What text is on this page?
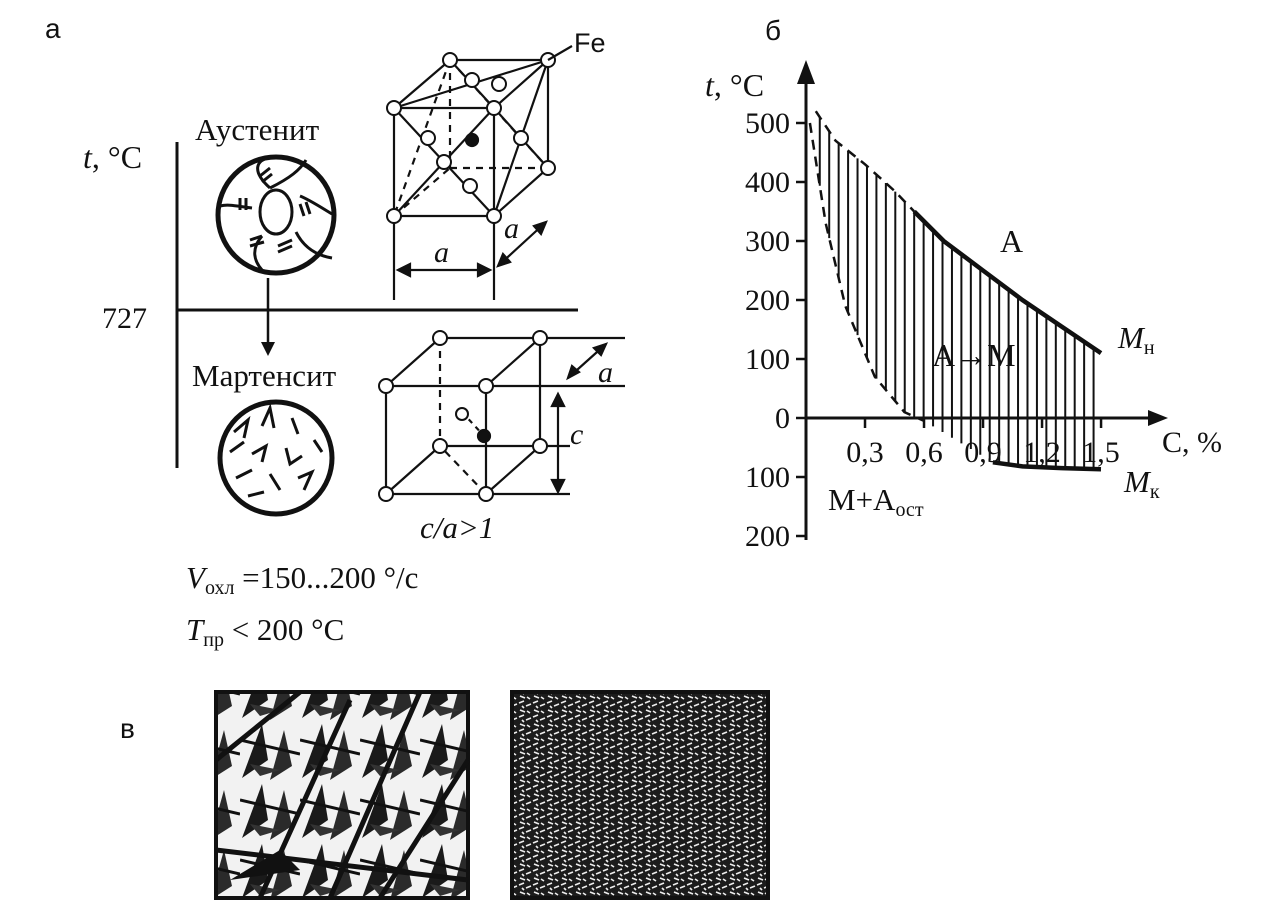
а	б
в
t, °C
727
Аустенит
Мартенсит
Fe
a
a
a
c
c/a>1
Vохл =150...200 °/с
Tпр < 200 °C
t, °C
С, %
500
400
300
200
100
0
100
200
0,3 0,6 0,9 1,2 1,5
A
A→M
M+Aост
Mн
Mк
